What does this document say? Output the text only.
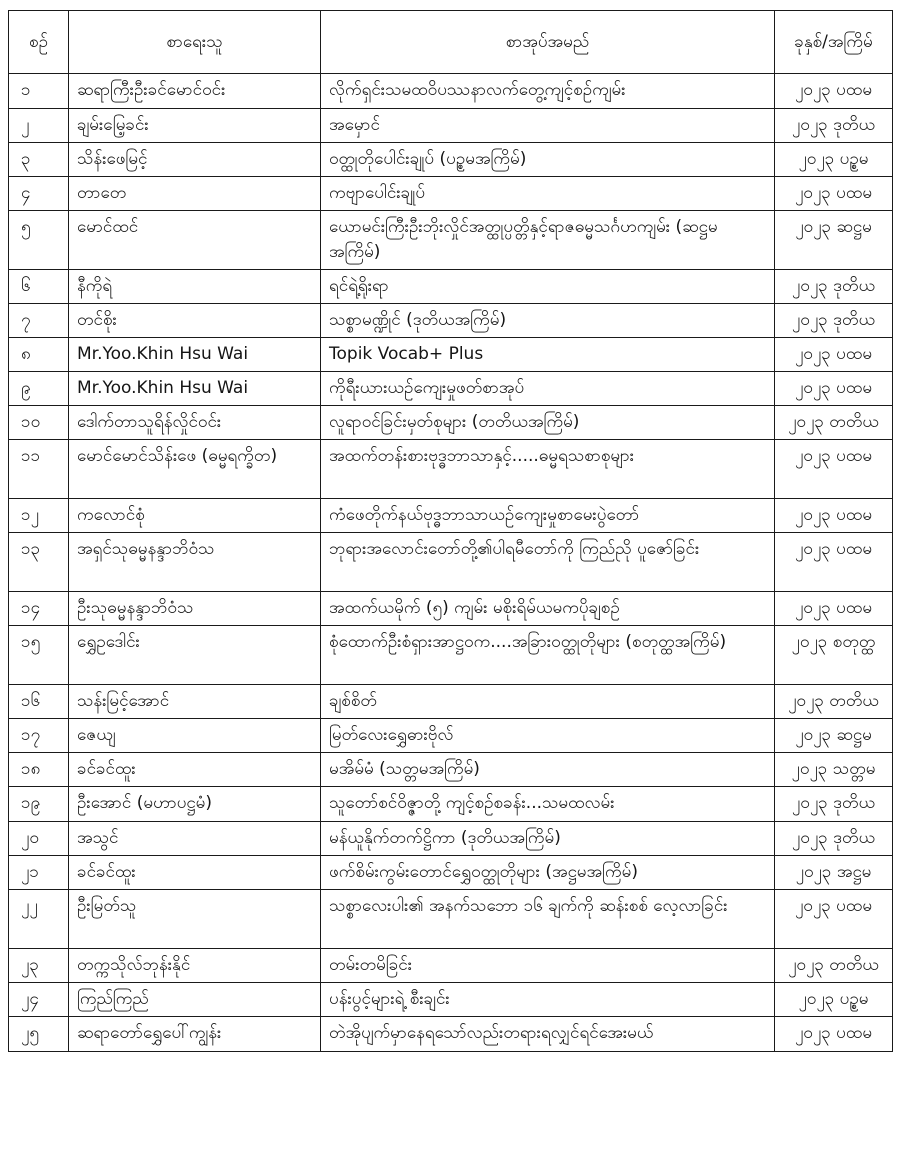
စဉ်	စာရေးသူ	စာအုပ်အမည်	ခုနှစ်/အကြိမ်
၁	ဆရာကြီးဦးခင်မောင်ဝင်း	လိုက်ရှင်းသမထဝိပဿနာလက်တွေ့ကျင့်စဉ်ကျမ်း	၂၀၂၃ ပထမ
၂	ချမ်းမြေ့ခင်း	အမှောင်	၂၀၂၃ ဒုတိယ
၃	သိန်းဖေမြင့်	ဝတ္ထုတိုပေါင်းချုပ် (ပဉ္စမအကြိမ်)	၂၀၂၃ ပဉ္စမ
၄	တာတေ	ကဗျာပေါင်းချုပ်	၂၀၂၃ ပထမ
၅	မောင်ထင်	ယောမင်းကြီးဦးဘိုးလှိုင်အတ္ထုပ္ပတ္တိနှင့်ရာဇဓမ္မသင်္ဂဟကျမ်း (ဆဋ္ဌမအကြိမ်)	၂၀၂၃ ဆဋ္ဌမ
၆	နီကိုရဲ	ရင်ရဲ့ရိုးရာ	၂၀၂၃ ဒုတိယ
၇	တင်စိုး	သစ္စာမဏ္ဍိုင် (ဒုတိယအကြိမ်)	၂၀၂၃ ဒုတိယ
၈	Mr.Yoo.Khin Hsu Wai	Topik Vocab+ Plus	၂၀၂၃ ပထမ
၉	Mr.Yoo.Khin Hsu Wai	ကိုရီးယားယဉ်ကျေးမှုဖတ်စာအုပ်	၂၀၂၃ ပထမ
၁၀	ဒေါက်တာသူရိန်လှိုင်ဝင်း	လူရာဝင်ခြင်းမှတ်စုများ (တတိယအကြိမ်)	၂၀၂၃ တတိယ
၁၁	မောင်မောင်သိန်းဖေ (ဓမ္မရက္ခိတ)	အထက်တန်းစားဗုဒ္ဓဘာသာနှင့်.....ဓမ္မရသစာစုများ	၂၀၂၃ ပထမ
၁၂	ကလောင်စုံ	ကံဖေတိုက်နယ်ဗုဒ္ဓဘာသာယဉ်ကျေးမှုစာမေးပွဲတော်	၂၀၂၃ ပထမ
၁၃	အရှင်သုဓမ္မနန္ဒာဘိဝံသ	ဘုရားအလောင်းတော်တို့၏ပါရမီတော်ကို ကြည်ညို ပူဇော်ခြင်း	၂၀၂၃ ပထမ
၁၄	ဦးသုဓမ္မနန္ဒာဘိဝံသ	အထက်ယမိုက် (၅) ကျမ်း မစိုးရိမ်ယမကပိုချစဉ်	၂၀၂၃ ပထမ
၁၅	ရွှေဥဒေါင်း	စုံထောက်ဦးစံရှားအာဋ္ဌဝက....အခြားဝတ္ထုတိုများ (စတုတ္ထအကြိမ်)	၂၀၂၃ စတုတ္ထ
၁၆	သန်းမြင့်အောင်	ချစ်စိတ်	၂၀၂၃ တတိယ
၁၇	ဇေယျ	မြတ်လေးရွှေဓားဗိုလ်	၂၀၂၃ ဆဋ္ဌမ
၁၈	ခင်ခင်ထူး	မအိမ်မံ (သတ္တမအကြိမ်)	၂၀၂၃ သတ္တမ
၁၉	ဦးအောင် (မဟာပဋ္ဌမံ)	သူတော်စင်ဝိဇ္ဇာတို့ ကျင့်စဉ်စခန်း...သမထလမ်း	၂၀၂၃ ဒုတိယ
၂၀	အသွင်	မန်ယူနိုက်တက်ဋ္ဌိကာ (ဒုတိယအကြိမ်)	၂၀၂၃ ဒုတိယ
၂၁	ခင်ခင်ထူး	ဖက်စိမ်းကွမ်းတောင်ရွှေဝတ္ထုတိုများ (အဋ္ဌမအကြိမ်)	၂၀၂၃ အဋ္ဌမ
၂၂	ဦးမြတ်သူ	သစ္စာလေးပါး၏ အနက်သဘော ၁၆ ချက်ကို ဆန်းစစ် လေ့လာခြင်း	၂၀၂၃ ပထမ
၂၃	တက္ကသိုလ်ဘုန်းနိုင်	တမ်းတမိခြင်း	၂၀၂၃ တတိယ
၂၄	ကြည်ကြည်	ပန်းပွင့်များရဲ့ စီးချင်း	၂၀၂၃ ပဉ္စမ
၂၅	ဆရာတော်ရွှေပေါ်ကျွန်း	တဲအိုပျက်မှာနေရသော်လည်းတရားရလျှင်ရင်အေးမယ်	၂၀၂၃ ပထမ
